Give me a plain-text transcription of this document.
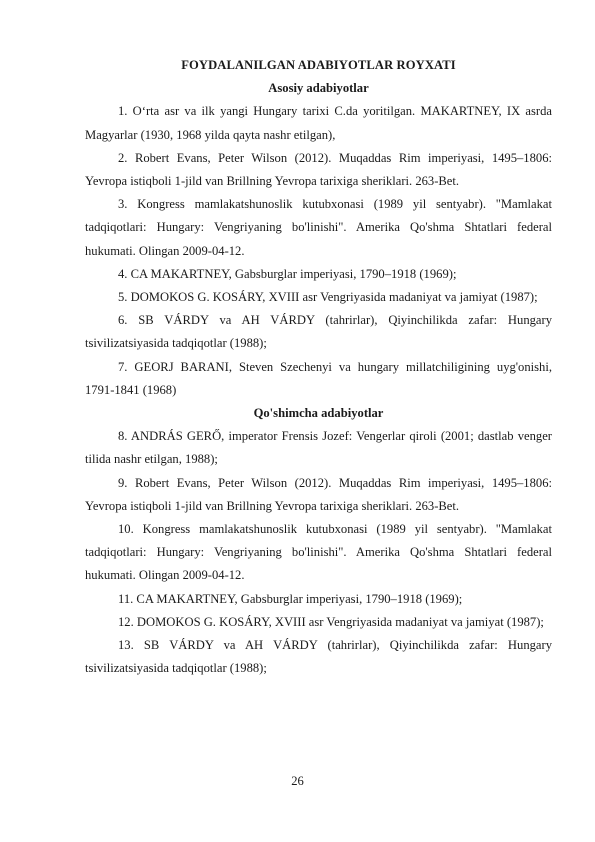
FOYDALANILGAN ADABIYOTLAR ROYXATI

Asosiy adabiyotlar

1. O‘rta asr va ilk yangi Hungary tarixi C.da yoritilgan. MAKARTNEY, IX asrda Magyarlar (1930, 1968 yilda qayta nashr etilgan),

2. Robert Evans, Peter Wilson (2012). Muqaddas Rim imperiyasi, 1495–1806: Yevropa istiqboli 1-jild van Brillning Yevropa tarixiga sheriklari. 263-Bet.

3. Kongress mamlakatshunoslik kutubxonasi (1989 yil sentyabr). "Mamlakat tadqiqotlari: Hungary: Vengriyaning bo'linishi". Amerika Qo'shma Shtatlari federal hukumati. Olingan 2009-04-12.

4. CA MAKARTNEY, Gabsburglar imperiyasi, 1790–1918 (1969);

5. DOMOKOS G. KOSÁRY, XVIII asr Vengriyasida madaniyat va jamiyat (1987);

6. SB VÁRDY va AH VÁRDY (tahrirlar), Qiyinchilikda zafar: Hungary tsivilizatsiyasida tadqiqotlar (1988);

7. GEORJ BARANI, Steven Szechenyi va hungary millatchiligining uyg'onishi, 1791-1841 (1968)

Qo'shimcha adabiyotlar

8. ANDRÁS GERŐ, imperator Frensis Jozef: Vengerlar qiroli (2001; dastlab venger tilida nashr etilgan, 1988);

9. Robert Evans, Peter Wilson (2012). Muqaddas Rim imperiyasi, 1495–1806: Yevropa istiqboli 1-jild van Brillning Yevropa tarixiga sheriklari. 263-Bet.

10. Kongress mamlakatshunoslik kutubxonasi (1989 yil sentyabr). "Mamlakat tadqiqotlari: Hungary: Vengriyaning bo'linishi". Amerika Qo'shma Shtatlari federal hukumati. Olingan 2009-04-12.

11. CA MAKARTNEY, Gabsburglar imperiyasi, 1790–1918 (1969);

12. DOMOKOS G. KOSÁRY, XVIII asr Vengriyasida madaniyat va jamiyat (1987);

13. SB VÁRDY va AH VÁRDY (tahrirlar), Qiyinchilikda zafar: Hungary tsivilizatsiyasida tadqiqotlar (1988);

26
